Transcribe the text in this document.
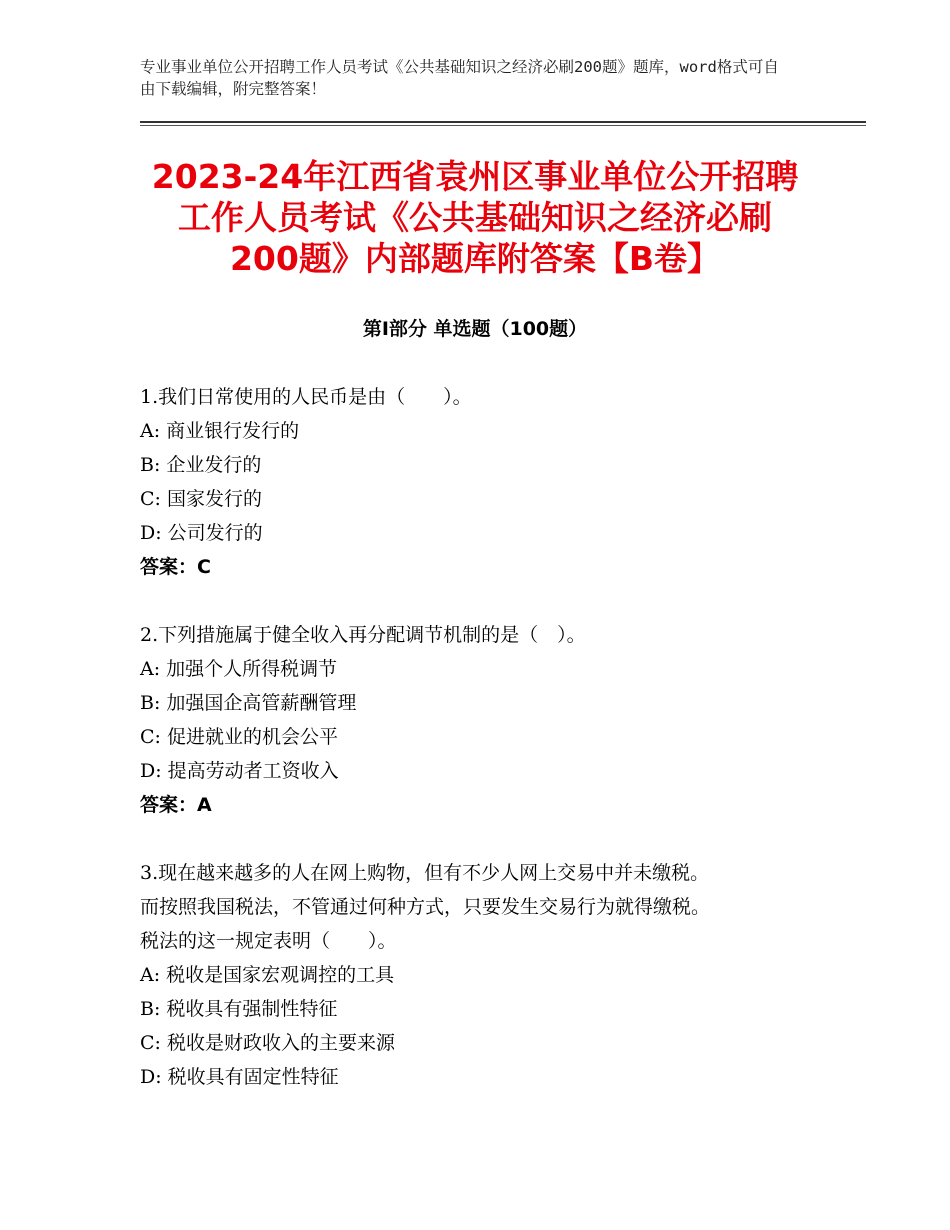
专业事业单位公开招聘工作人员考试《公共基础知识之经济必刷200题》题库，word格式可自由下载编辑，附完整答案！
2023-24年江西省袁州区事业单位公开招聘
工作人员考试《公共基础知识之经济必刷
200题》内部题库附答案【B卷】
第Ⅰ部分 单选题（100题）
1.我们日常使用的人民币是由（　　）。
A: 商业银行发行的
B: 企业发行的
C: 国家发行的
D: 公司发行的
答案：C
2.下列措施属于健全收入再分配调节机制的是（　）。
A: 加强个人所得税调节
B: 加强国企高管薪酬管理
C: 促进就业的机会公平
D: 提高劳动者工资收入
答案：A
3.现在越来越多的人在网上购物，但有不少人网上交易中并未缴税。
而按照我国税法，不管通过何种方式，只要发生交易行为就得缴税。
税法的这一规定表明（　　）。
A: 税收是国家宏观调控的工具
B: 税收具有强制性特征
C: 税收是财政收入的主要来源
D: 税收具有固定性特征
